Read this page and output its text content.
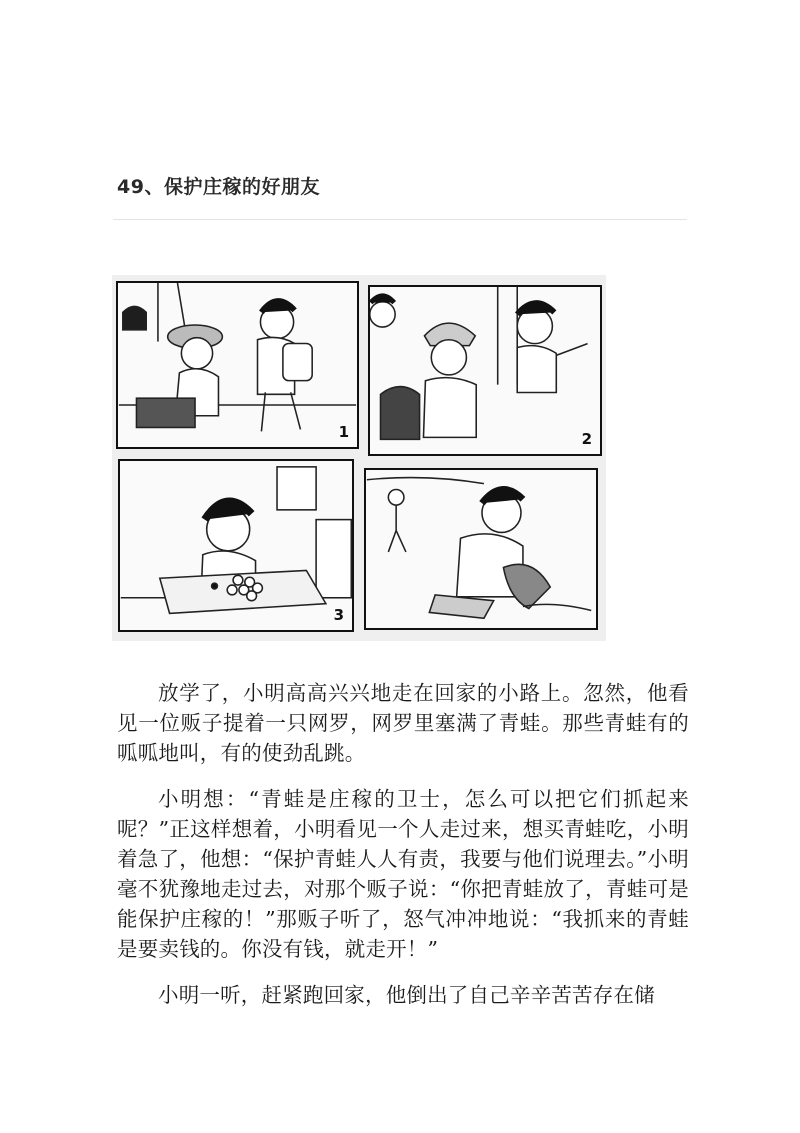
49、保护庄稼的好朋友
1	2
3

放学了，小明高高兴兴地走在回家的小路上。忽然，他看见一位贩子提着一只网罗，网罗里塞满了青蛙。那些青蛙有的呱呱地叫，有的使劲乱跳。

小明想：“青蛙是庄稼的卫士，怎么可以把它们抓起来呢？”正这样想着，小明看见一个人走过来，想买青蛙吃，小明着急了，他想：“保护青蛙人人有责，我要与他们说理去。”小明毫不犹豫地走过去，对那个贩子说：“你把青蛙放了，青蛙可是能保护庄稼的！”那贩子听了，怒气冲冲地说：“我抓来的青蛙是要卖钱的。你没有钱，就走开！”

小明一听，赶紧跑回家，他倒出了自己辛辛苦苦存在储
